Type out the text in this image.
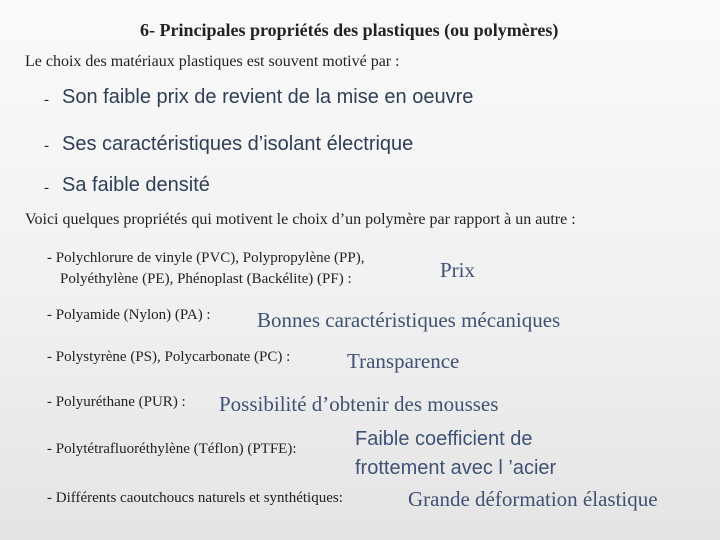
6- Principales propriétés des plastiques (ou polymères)
Le choix des matériaux plastiques est souvent motivé par :
- Son faible prix de revient de la mise en oeuvre
- Ses caractéristiques d’isolant électrique
- Sa faible densité
Voici quelques propriétés qui motivent le choix d’un polymère par rapport à un autre :
- Polychlorure de vinyle (PVC), Polypropylène (PP),
Polyéthylène (PE), Phénoplast (Backélite) (PF) :	Prix
- Polyamide (Nylon) (PA) : Bonnes caractéristiques mécaniques
- Polystyrène (PS), Polycarbonate (PC) :	Transparence
- Polyuréthane (PUR) : Possibilité d’obtenir des mousses
- Polytétrafluoréthylène (Téflon) (PTFE):	Faible coefficient de
frottement avec l ’acier
- Différents caoutchoucs naturels et synthétiques:	Grande déformation élastique
